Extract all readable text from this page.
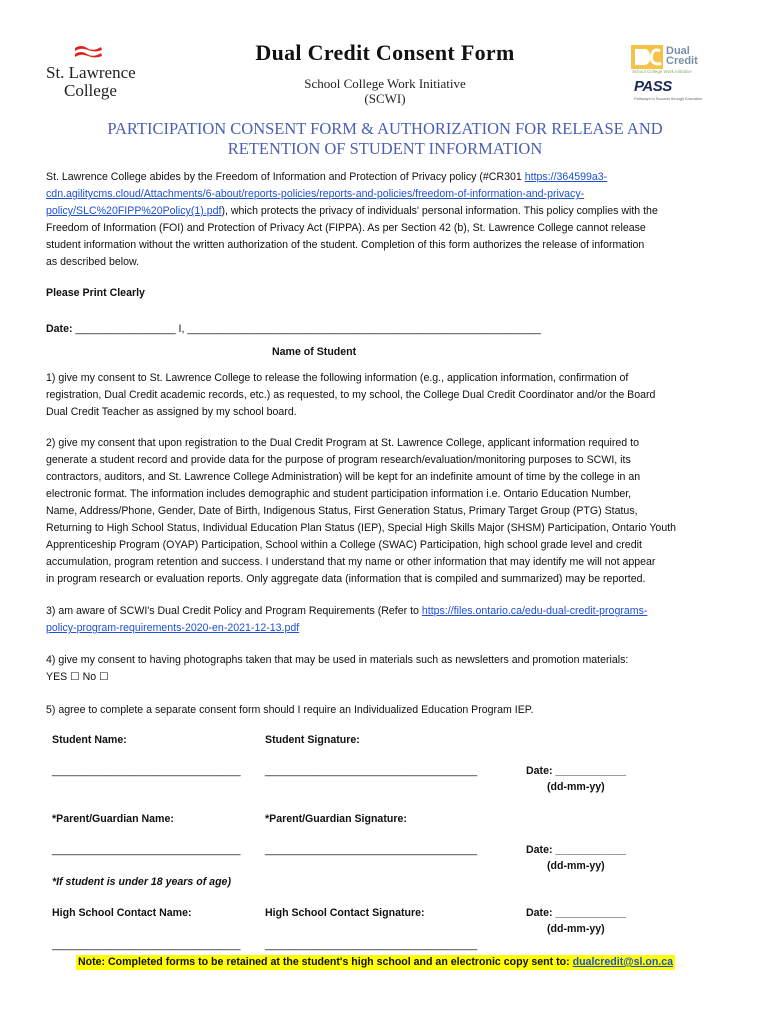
St. Lawrence
College
Dual Credit Consent Form
School College Work Initiative
(SCWI)
Dual
Credit
School College Work Initiative
PASS
Pathways to Success through Education
PARTICIPATION CONSENT FORM & AUTHORIZATION FOR RELEASE AND
RETENTION OF STUDENT INFORMATION
St. Lawrence College abides by the Freedom of Information and Protection of Privacy policy (#CR301 https://364599a3-
cdn.agilitycms.cloud/Attachments/6-about/reports-policies/reports-and-policies/freedom-of-information-and-privacy-
policy/SLC%20FIPP%20Policy(1).pdf), which protects the privacy of individuals' personal information. This policy complies with the
Freedom of Information (FOI) and Protection of Privacy Act (FIPPA). As per Section 42 (b), St. Lawrence College cannot release
student information without the written authorization of the student. Completion of this form authorizes the release of information
as described below.
Please Print Clearly
Date: _________________ I, ____________________________________________________________
Name of Student
1) give my consent to St. Lawrence College to release the following information (e.g., application information, confirmation of
registration, Dual Credit academic records, etc.) as requested, to my school, the College Dual Credit Coordinator and/or the Board
Dual Credit Teacher as assigned by my school board.
2) give my consent that upon registration to the Dual Credit Program at St. Lawrence College, applicant information required to
generate a student record and provide data for the purpose of program research/evaluation/monitoring purposes to SCWI, its
contractors, auditors, and St. Lawrence College Administration) will be kept for an indefinite amount of time by the college in an
electronic format. The information includes demographic and student participation information i.e. Ontario Education Number,
Name, Address/Phone, Gender, Date of Birth, Indigenous Status, First Generation Status, Primary Target Group (PTG) Status,
Returning to High School Status, Individual Education Plan Status (IEP), Special High Skills Major (SHSM) Participation, Ontario Youth
Apprenticeship Program (OYAP) Participation, School within a College (SWAC) Participation, high school grade level and credit
accumulation, program retention and success. I understand that my name or other information that may identify me will not appear
in program research or evaluation reports. Only aggregate data (information that is compiled and summarized) may be reported.
3) am aware of SCWI's Dual Credit Policy and Program Requirements (Refer to https://files.ontario.ca/edu-dual-credit-programs-
policy-program-requirements-2020-en-2021-12-13.pdf
4) give my consent to having photographs taken that may be used in materials such as newsletters and promotion materials:
YES ☐ No ☐
5) agree to complete a separate consent form should I require an Individualized Education Program IEP.
Student Name:	Student Signature:
________________________________ ____________________________________	Date: ____________
(dd-mm-yy)
*Parent/Guardian Name:	*Parent/Guardian Signature:
________________________________ ____________________________________	Date: ____________
(dd-mm-yy)
*If student is under 18 years of age)
High School Contact Name:	High School Contact Signature:	Date: ____________
(dd-mm-yy)
________________________________ ____________________________________
Note: Completed forms to be retained at the student's high school and an electronic copy sent to: dualcredit@sl.on.ca
